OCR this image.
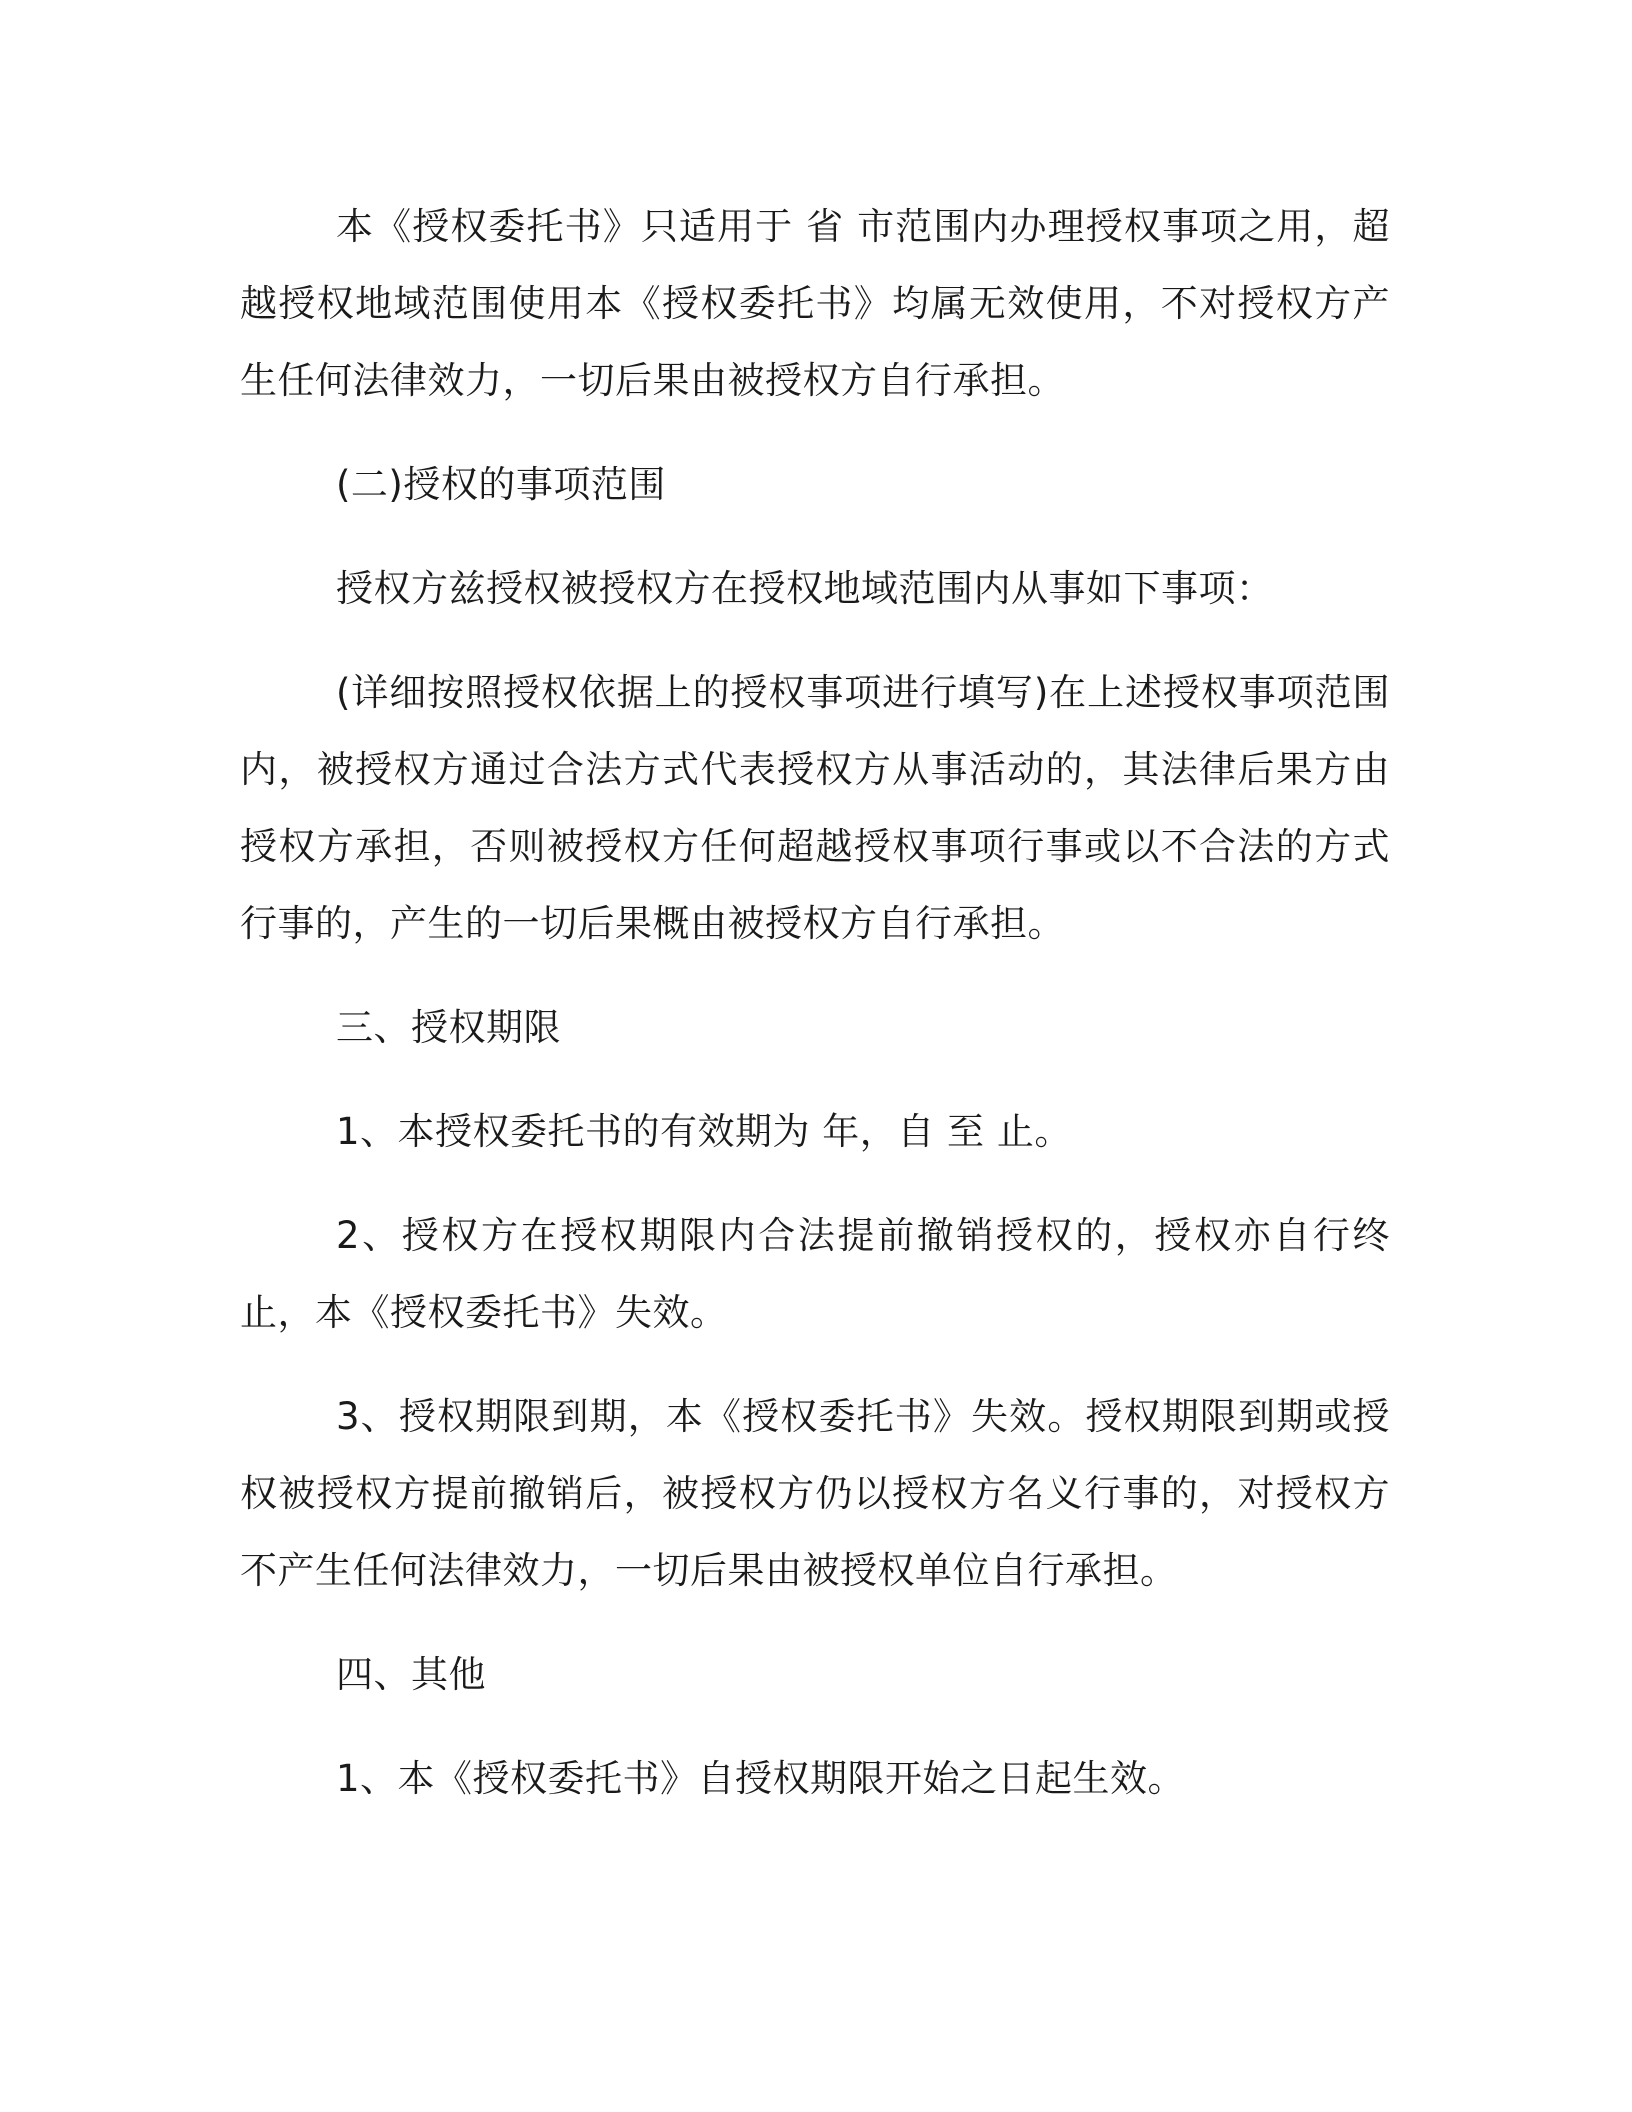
本《授权委托书》只适用于 省 市范围内办理授权事项之用，超越授权地域范围使用本《授权委托书》均属无效使用，不对授权方产生任何法律效力，一切后果由被授权方自行承担。

(二)授权的事项范围

授权方兹授权被授权方在授权地域范围内从事如下事项：

(详细按照授权依据上的授权事项进行填写)在上述授权事项范围内，被授权方通过合法方式代表授权方从事活动的，其法律后果方由授权方承担，否则被授权方任何超越授权事项行事或以不合法的方式行事的，产生的一切后果概由被授权方自行承担。

三、授权期限

1、本授权委托书的有效期为 年，自 至 止。

2、授权方在授权期限内合法提前撤销授权的，授权亦自行终止，本《授权委托书》失效。

3、授权期限到期，本《授权委托书》失效。授权期限到期或授权被授权方提前撤销后，被授权方仍以授权方名义行事的，对授权方不产生任何法律效力，一切后果由被授权单位自行承担。

四、其他

1、本《授权委托书》自授权期限开始之日起生效。
